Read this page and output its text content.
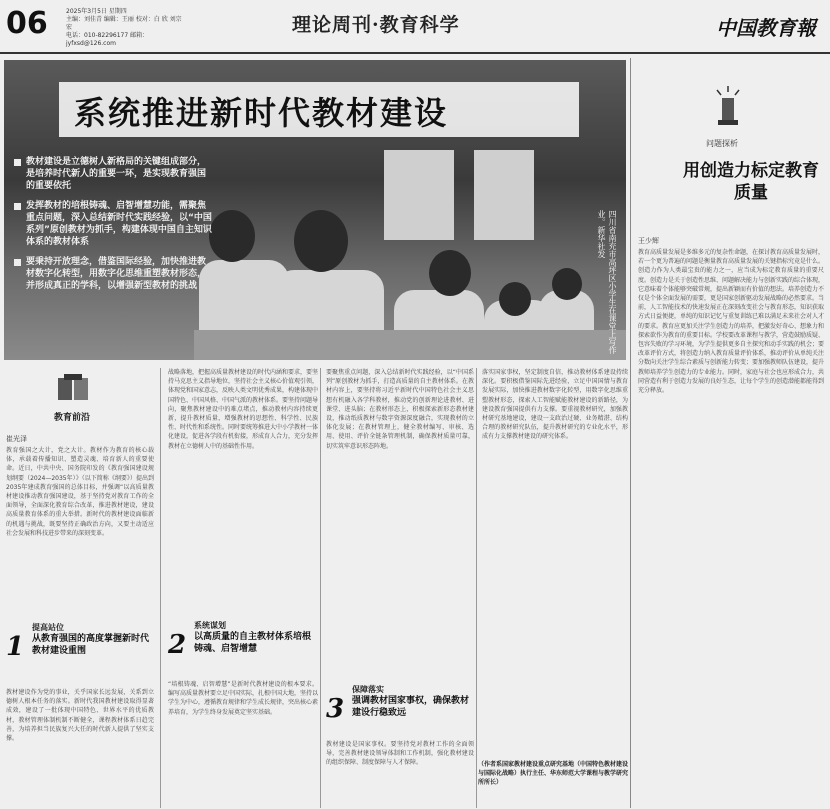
06	2025年3月5日 星期四
主编：刘佳青 编辑：王丽 校对：白 欣 刘宗宏
电话：010-82296177 邮箱：jyfxsd@126.com
理论周刊·教育科学	中国教育報
系统推进新时代教材建设
教材建设是立德树人新格局的关键组成部分，是培养时代新人的重要一环，是实现教育强国的重要依托
发挥教材的培根铸魂、启智增慧功能，需聚焦重点问题，深入总结新时代实践经验，以“中国系列”原创教材为抓手，构建体现中国自主知识体系的教材体系
要秉持开放理念，借鉴国际经验，加快推进教材数字化转型，用数字化思维重塑教材形态，并形成真正的学科，以增强新型教材的挑战	四川省南充市高坪区小学生在课堂上写作业。新华社发
问题探析
用创造力标定教育质量
王少辉
教育高质量发展是多维多元的复杂性命题，在探讨教育高质量发展时，若一个更为普遍的问题是衡量教育高质量发展的关键指标究竟是什么。创造力作为人类最宝贵的能力之一，应当成为标定教育质量的重要尺度。创造力是关于创造性思维、问题解决能力与创新实践的综合体现，它意味着个体能够突破常规，提出新颖而有价值的想法。培养创造力不仅是个体全面发展的需要，更是国家创新驱动发展战略的必然要求。当前，人工智能技术的快速发展正在深刻改变社会与教育形态，知识获取方式日益便捷，单纯的知识记忆与重复训练已难以满足未来社会对人才的要求。教育应更加关注学生创造力的培养，把激发好奇心、想象力和探索欲作为教育的重要目标。学校要改革课程与教学，营造鼓励质疑、包容失败的学习环境，为学生提供更多自主探究和动手实践的机会；要改革评价方式，将创造力纳入教育质量评价体系，推动评价从单纯关注分数向关注学生综合素质与创新能力转变；要加强教师队伍建设，提升教师培养学生创造力的专业能力。同时，家庭与社会也应形成合力，共同营造有利于创造力发展的良好生态，让每个学生的创造潜能都能得到充分释放。
教育前沿
崔光泽
教育强国之大计，党之大计。教材作为教育的核心载体，承载着传播知识、塑造灵魂、培育新人的重要使命。近日，中共中央、国务院印发的《教育强国建设规划纲要（2024—2035年）》（以下简称《纲要》）提出到2035年建成教育强国的总体目标，并强调“以高质量教材建设推动教育强国建设，基于坚持党对教育工作的全面领导，全面深化教育综合改革，推进教材建设，建设高质量教育体系的重大举措。新时代的教材建设面临新的机遇与挑战，既要坚持正确政治方向，又要主动适应社会发展和科技进步带来的深刻变革。
提高站位
1 从教育强国的高度掌握新时代教材建设重围
教材建设作为党的事业，关乎国家长远发展，关系到立德树人根本任务的落实。新时代我国教材建设取得显著成效，建设了一批体现中国特色、世界水平的优质教材，教材管理体制机制不断健全，课程教材体系日趋完善，为培养担当民族复兴大任的时代新人提供了坚实支撑。
战略落地，把握高质量教材建设的时代内涵和要求，要坚持马克思主义指导地位，坚持社会主义核心价值观引领，体现党和国家意志，反映人类文明优秀成果，构建体现中国特色、中国风格、中国气派的教材体系。要坚持问题导向，聚焦教材建设中的难点堵点，推动教材内容持续更新，提升教材质量，增强教材的思想性、科学性、民族性、时代性和系统性。同时要统筹推进大中小学教材一体化建设，促进各学段有机衔接，形成育人合力，充分发挥教材在立德树人中的基础性作用。
系统谋划
2 以高质量的自主教材体系培根铸魂、启智增慧
“培根铸魂、启智增慧”是新时代教材建设的根本要求。编写高质量教材要立足中国实际，扎根中国大地，坚持以学生为中心，遵循教育规律和学生成长规律，突出核心素养培育，为学生终身发展奠定坚实基础。
要聚焦重点问题，深入总结新时代实践经验，以“中国系列”原创教材为抓手，打造高质量的自主教材体系。在教材内容上，要坚持将习近平新时代中国特色社会主义思想有机融入各学科教材，推动党的创新理论进教材、进课堂、进头脑；在教材形态上，积极探索新形态教材建设，推动纸质教材与数字资源深度融合，实现教材的立体化发展；在教材管理上，健全教材编写、审核、选用、使用、评价全链条管理机制，确保教材质量可靠，切实筑牢意识形态阵地。
保障落实
3 强调教材国家事权，确保教材建设行稳致远
教材建设是国家事权。要坚持党对教材工作的全面领导，完善教材建设领导体制和工作机制，强化教材建设的组织保障、制度保障与人才保障。
落实国家事权，坚定制度自信，推动教材体系建设持续深化。要积极借鉴国际先进经验，立足中国国情与教育发展实际，加快推进教材数字化转型，用数字化思维重塑教材形态，探索人工智能赋能教材建设的新路径，为建设教育强国提供有力支撑。要重视教材研究，加强教材研究基地建设，建设一支政治过硬、业务精湛、结构合理的教材研究队伍，提升教材研究的专业化水平，形成有力支撑教材建设的研究体系。
（作者系国家教材建设重点研究基地（中国特色教材建设与国际化战略）执行主任、华东师范大学课程与教学研究所所长）
